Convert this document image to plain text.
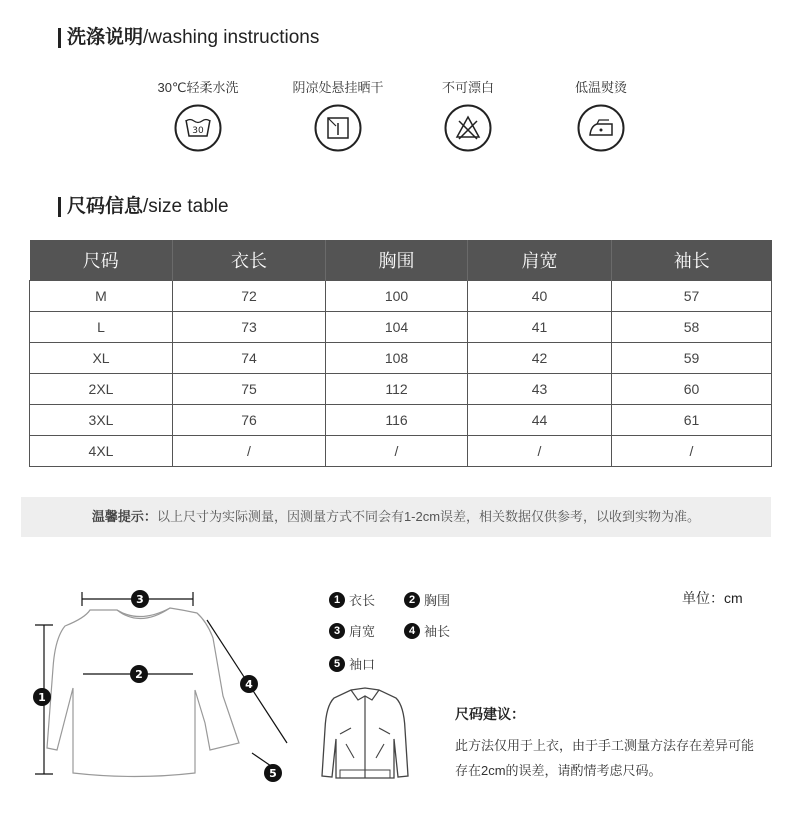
洗涤说明/washing instructions
30℃轻柔水洗
30
阴凉处悬挂晒干	不可漂白	低温熨烫
尺码信息/size table
尺码	衣长	胸围	肩宽	袖长
M	72	100	40	57
L	73	104	41	58
XL	74	108	42	59
2XL	75	112	43	60
3XL	76	116	44	61
4XL	/	/	/	/
温馨提示：以上尺寸为实际测量，因测量方式不同会有1-2cm误差，相关数据仅供参考，以收到实物为准。
3
2
1
4
5
1 衣长	2 胸围
3 肩宽	4 袖长
5 袖口
单位：cm
尺码建议：
此方法仅用于上衣，由于手工测量方法存在差异可能存在2cm的误差，请酌情考虑尺码。
